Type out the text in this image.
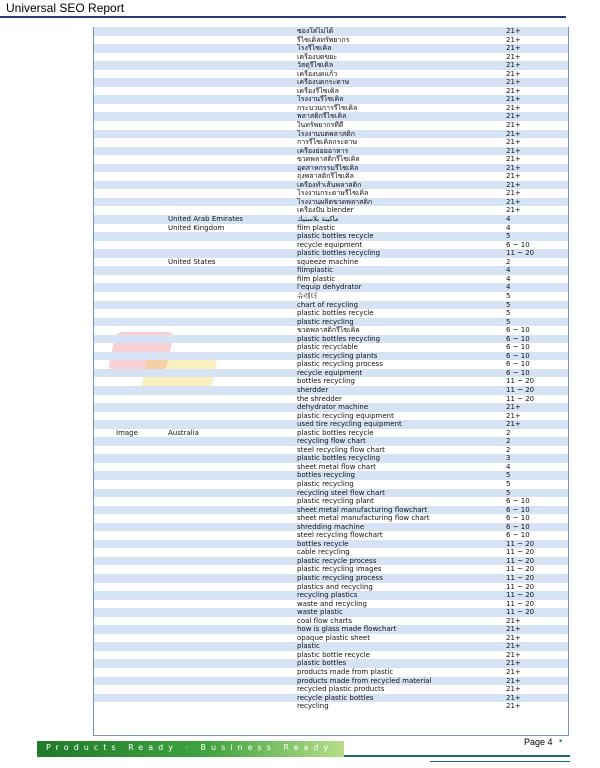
Universal SEO Report
ซองใส่ไม่ได้	21+
รีไซเคิลทรัพยากร	21+
โรงรีไซเคิล	21+
เครื่องบดขยะ	21+
วัสดุรีไซเคิล	21+
เครื่องบดแก้ว	21+
เครื่องบดกระดาษ	21+
เครื่องรีไซเคิล	21+
โรงงานรีไซเคิล	21+
กระบวนการรีไซเคิล	21+
พลาสติกรีไซเคิล	21+
ในทรัพยากรที่ดี	21+
โรงงานบดพลาสติก	21+
การรีไซเคิลกระดาษ	21+
เครื่องย่อยอาหาร	21+
ขวดพลาสติกรีไซเคิล	21+
อุตสาหกรรมรีไซเคิล	21+
ถุงพลาสติกรีไซเคิล	21+
เครื่องทำเส้นพลาสติก	21+
โรงงานกระดาษรีไซเคิล	21+
โรงงานผลิตขวดพลาสติก	21+
เครื่องปั่น blender	21+
United Arab Emirates	ماكينة بلاستيك	4
United Kingdom	film plastic	4
plastic bottles recycle	5
recycle equipment	6 ~ 10
plastic bottles recycling	11 ~ 20
United States	squeeze machine	2
filmplastic	4
film plastic	4
l'equip dehydrator	4
슈레더	5
chart of recycling	5
plastic bottles recycle	5
plastic recycling	5
ขวดพลาสติกรีไซเคิล	6 ~ 10
plastic bottles recycling	6 ~ 10
plastic recyclable	6 ~ 10
plastic recycling plants	6 ~ 10
plastic recycling process	6 ~ 10
recycle equipment	6 ~ 10
bottles recycling	11 ~ 20
sherdder	11 ~ 20
the shredder	11 ~ 20
dehydrator machine	21+
plastic recycling equipment	21+
used tire recycling equipment	21+
Image	Australia	plastic bottles recycle	2
recycling flow chart	2
steel recycling flow chart	2
plastic bottles recycling	3
sheet metal flow chart	4
bottles recycling	5
plastic recycling	5
recycling steel flow chart	5
plastic recycling plant	6 ~ 10
sheet metal manufacturing flowchart	6 ~ 10
sheet metal manufacturing flow chart	6 ~ 10
shredding machine	6 ~ 10
steel recycling flowchart	6 ~ 10
bottles recycle	11 ~ 20
cable recycling	11 ~ 20
plastic recycle process	11 ~ 20
plastic recycling images	11 ~ 20
plastic recycling process	11 ~ 20
plastics and recycling	11 ~ 20
recycling plastics	11 ~ 20
waste and recycling	11 ~ 20
waste plastic	11 ~ 20
coal flow charts	21+
how is glass made flowchart	21+
opaque plastic sheet	21+
plastic	21+
plastic bottle recycle	21+
plastic bottles	21+
products made from plastic	21+
products made from recycled material	21+
recycled plastic products	21+
recycle plastic bottles	21+
recycling	21+
Products Ready · Business Ready
Page 4 •
